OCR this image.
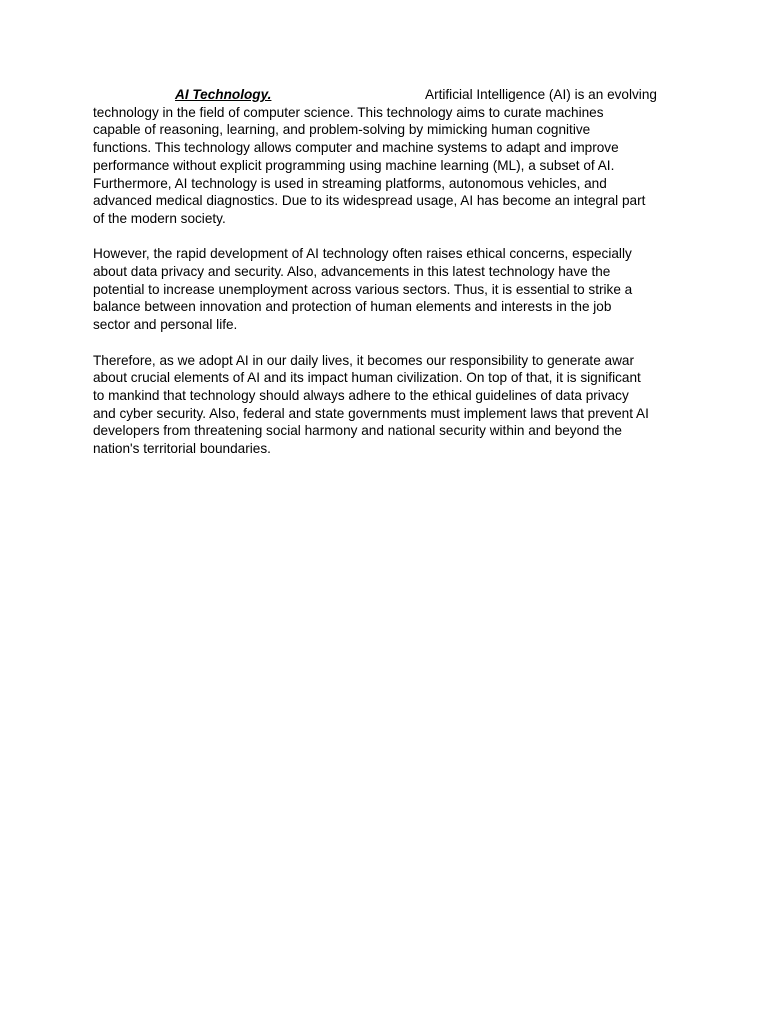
AI Technology.	Artificial Intelligence (AI) is an evolving
technology in the field of computer science. This technology aims to curate machines
capable of reasoning, learning, and problem-solving by mimicking human cognitive
functions. This technology allows computer and machine systems to adapt and improve
performance without explicit programming using machine learning (ML), a subset of AI.
Furthermore, AI technology is used in streaming platforms, autonomous vehicles, and
advanced medical diagnostics. Due to its widespread usage, AI has become an integral part
of the modern society.
However, the rapid development of AI technology often raises ethical concerns, especially
about data privacy and security. Also, advancements in this latest technology have the
potential to increase unemployment across various sectors. Thus, it is essential to strike a
balance between innovation and protection of human elements and interests in the job
sector and personal life.
Therefore, as we adopt AI in our daily lives, it becomes our responsibility to generate awar
about crucial elements of AI and its impact human civilization. On top of that, it is significant
to mankind that technology should always adhere to the ethical guidelines of data privacy
and cyber security. Also, federal and state governments must implement laws that prevent AI
developers from threatening social harmony and national security within and beyond the
nation's territorial boundaries.
